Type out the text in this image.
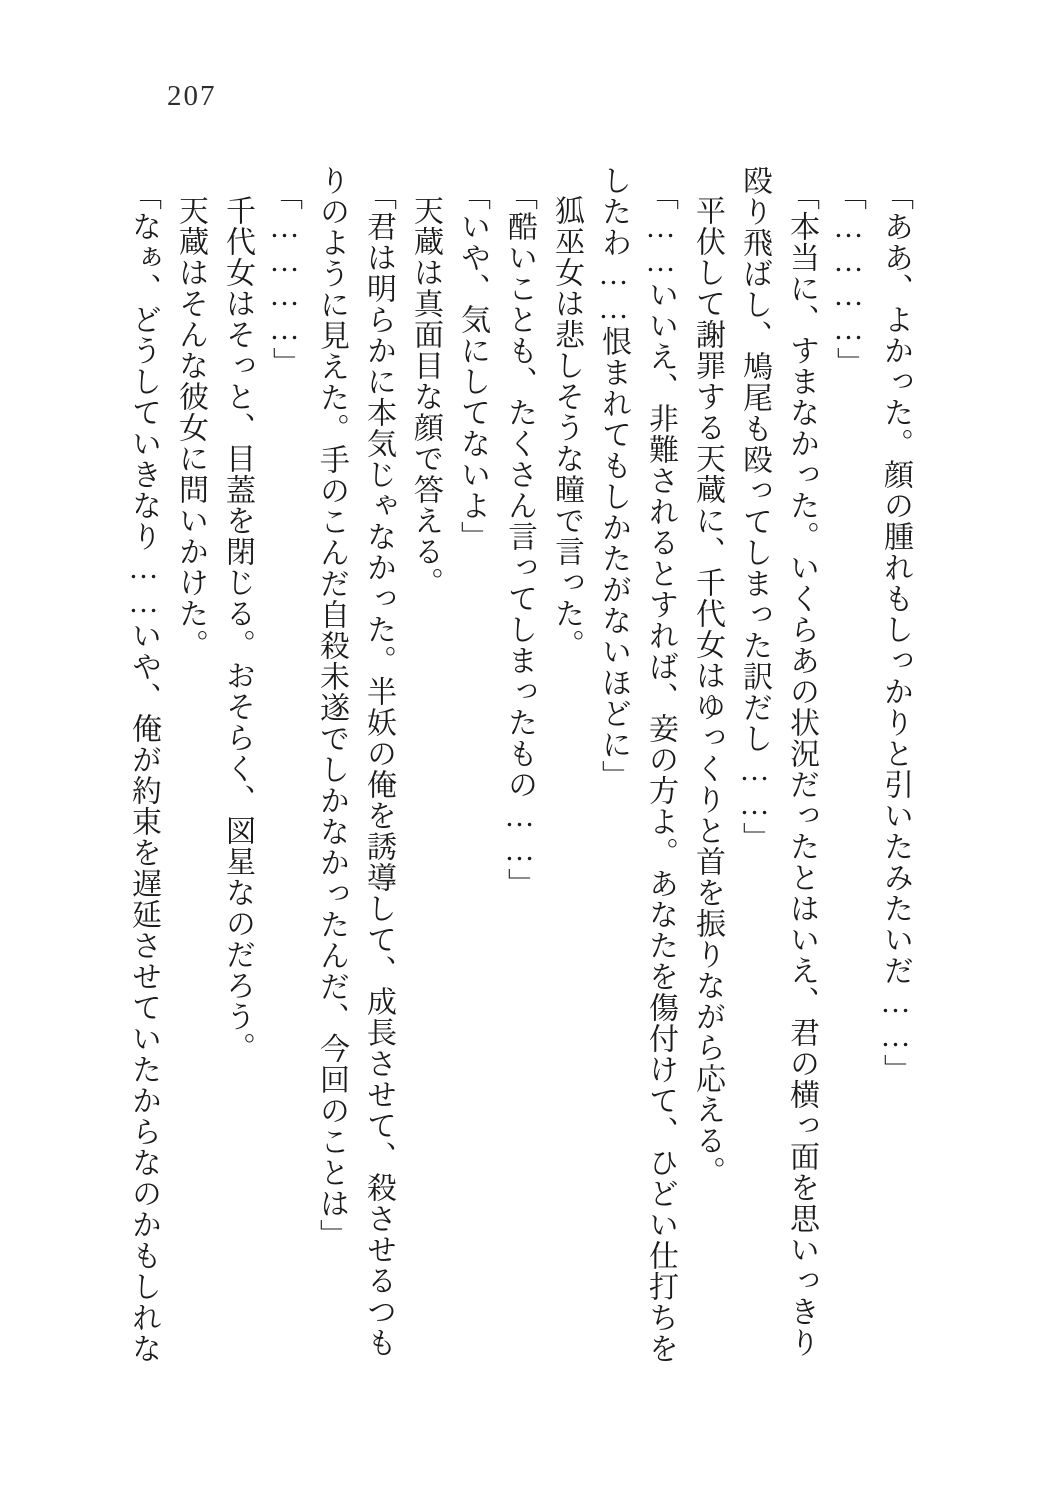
207

「ああ、よかった。顔の腫れもしっかりと引いたみたいだ……」

「…………」

「本当に、すまなかった。いくらあの状況だったとはいえ、君の横っ面を思いっきり

殴り飛ばし、鳩尾も殴ってしまった訳だし……」

平伏して謝罪する天蔵に、千代女はゆっくりと首を振りながら応える。

「……いいえ、非難されるとすれば、妾の方よ。あなたを傷付けて、ひどい仕打ちを

したわ……恨まれてもしかたがないほどに」

狐巫女は悲しそうな瞳で言った。

「酷いことも、たくさん言ってしまったもの……」

「いや、気にしてないよ」

天蔵は真面目な顔で答える。

「君は明らかに本気じゃなかった。半妖の俺を誘導して、成長させて、殺させるつも

りのように見えた。手のこんだ自殺未遂でしかなかったんだ、今回のことは」

「…………」

千代女はそっと、目蓋を閉じる。おそらく、図星なのだろう。

天蔵はそんな彼女に問いかけた。

「なぁ、どうしていきなり……いや、俺が約束を遅延させていたからなのかもしれな
